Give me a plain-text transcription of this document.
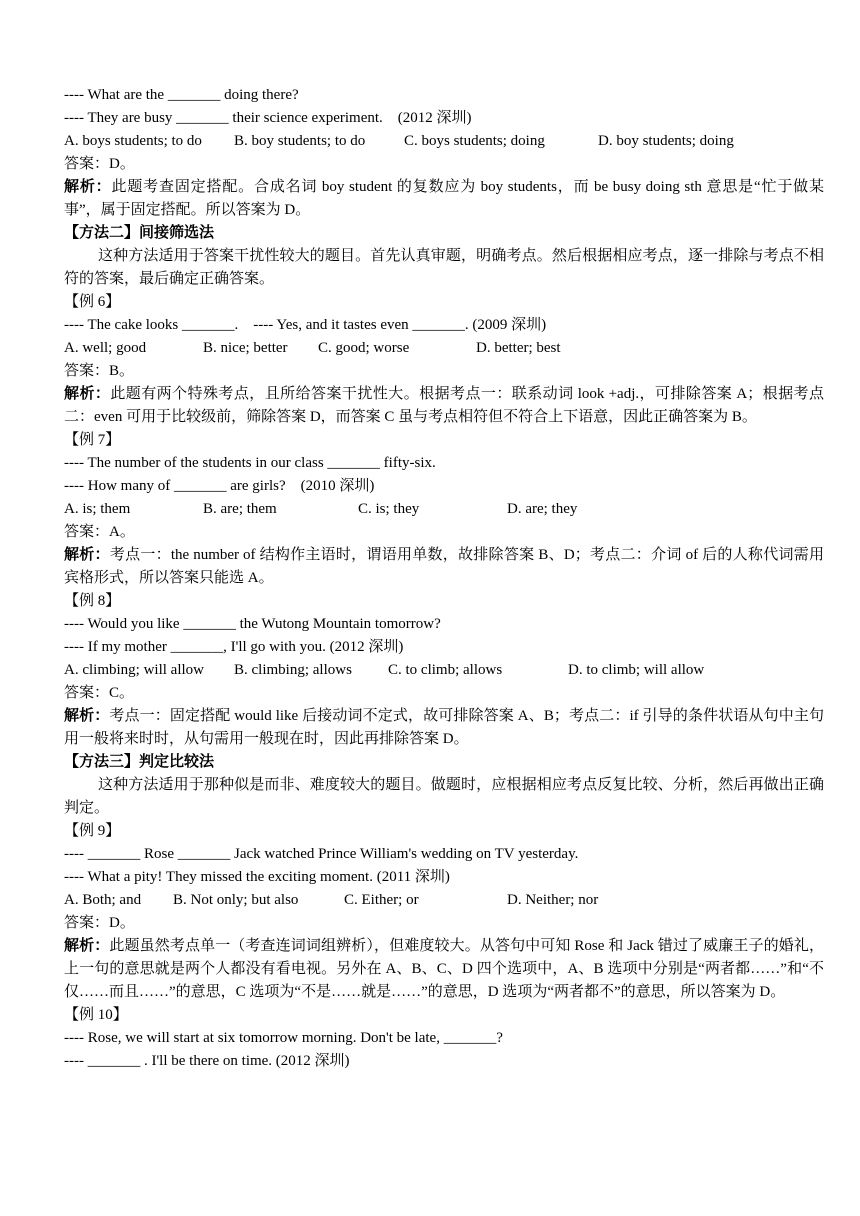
---- What are the _______ doing there?
---- They are busy _______ their science experiment.    (2012 深圳)
A. boys students; to do	B. boy students; to do	C. boys students; doing	D. boy students; doing
答案：D。
解析：此题考查固定搭配。合成名词 boy student 的复数应为 boy students，而 be busy doing sth 意思是“忙于做某事”，属于固定搭配。所以答案为 D。
【方法二】间接筛选法
这种方法适用于答案干扰性较大的题目。首先认真审题，明确考点。然后根据相应考点，逐一排除与考点不相符的答案，最后确定正确答案。
【例 6】
---- The cake looks _______.    ---- Yes, and it tastes even _______. (2009 深圳)
A. well; good	B. nice; better	C. good; worse	D. better; best
答案：B。
解析：此题有两个特殊考点，且所给答案干扰性大。根据考点一：联系动词 look +adj.，可排除答案 A；根据考点二：even 可用于比较级前，筛除答案 D，而答案 C 虽与考点相符但不符合上下语意，因此正确答案为 B。
【例 7】
---- The number of the students in our class _______ fifty-six.
---- How many of _______ are girls?    (2010 深圳)
A. is; them	B. are; them	C. is; they	D. are; they
答案：A。
解析：考点一：the number of 结构作主语时，谓语用单数，故排除答案 B、D；考点二：介词 of 后的人称代词需用宾格形式，所以答案只能选 A。
【例 8】
---- Would you like _______ the Wutong Mountain tomorrow?
---- If my mother _______, I'll go with you. (2012 深圳)
A. climbing; will allow	B. climbing; allows	C. to climb; allows	D. to climb; will allow
答案：C。
解析：考点一：固定搭配 would like 后接动词不定式，故可排除答案 A、B；考点二：if 引导的条件状语从句中主句用一般将来时时，从句需用一般现在时，因此再排除答案 D。
【方法三】判定比较法
这种方法适用于那种似是而非、难度较大的题目。做题时，应根据相应考点反复比较、分析，然后再做出正确判定。
【例 9】
---- _______ Rose _______ Jack watched Prince William's wedding on TV yesterday.
---- What a pity! They missed the exciting moment. (2011 深圳)
A. Both; and	B. Not only; but also	C. Either; or	D. Neither; nor
答案：D。
解析：此题虽然考点单一（考查连词词组辨析），但难度较大。从答句中可知 Rose 和 Jack 错过了威廉王子的婚礼，上一句的意思就是两个人都没有看电视。另外在 A、B、C、D 四个选项中，A、B 选项中分别是“两者都……”和“不仅……而且……”的意思，C 选项为“不是……就是……”的意思，D 选项为“两者都不”的意思，所以答案为 D。
【例 10】
---- Rose, we will start at six tomorrow morning. Don't be late, _______?
---- _______ . I'll be there on time. (2012 深圳)
